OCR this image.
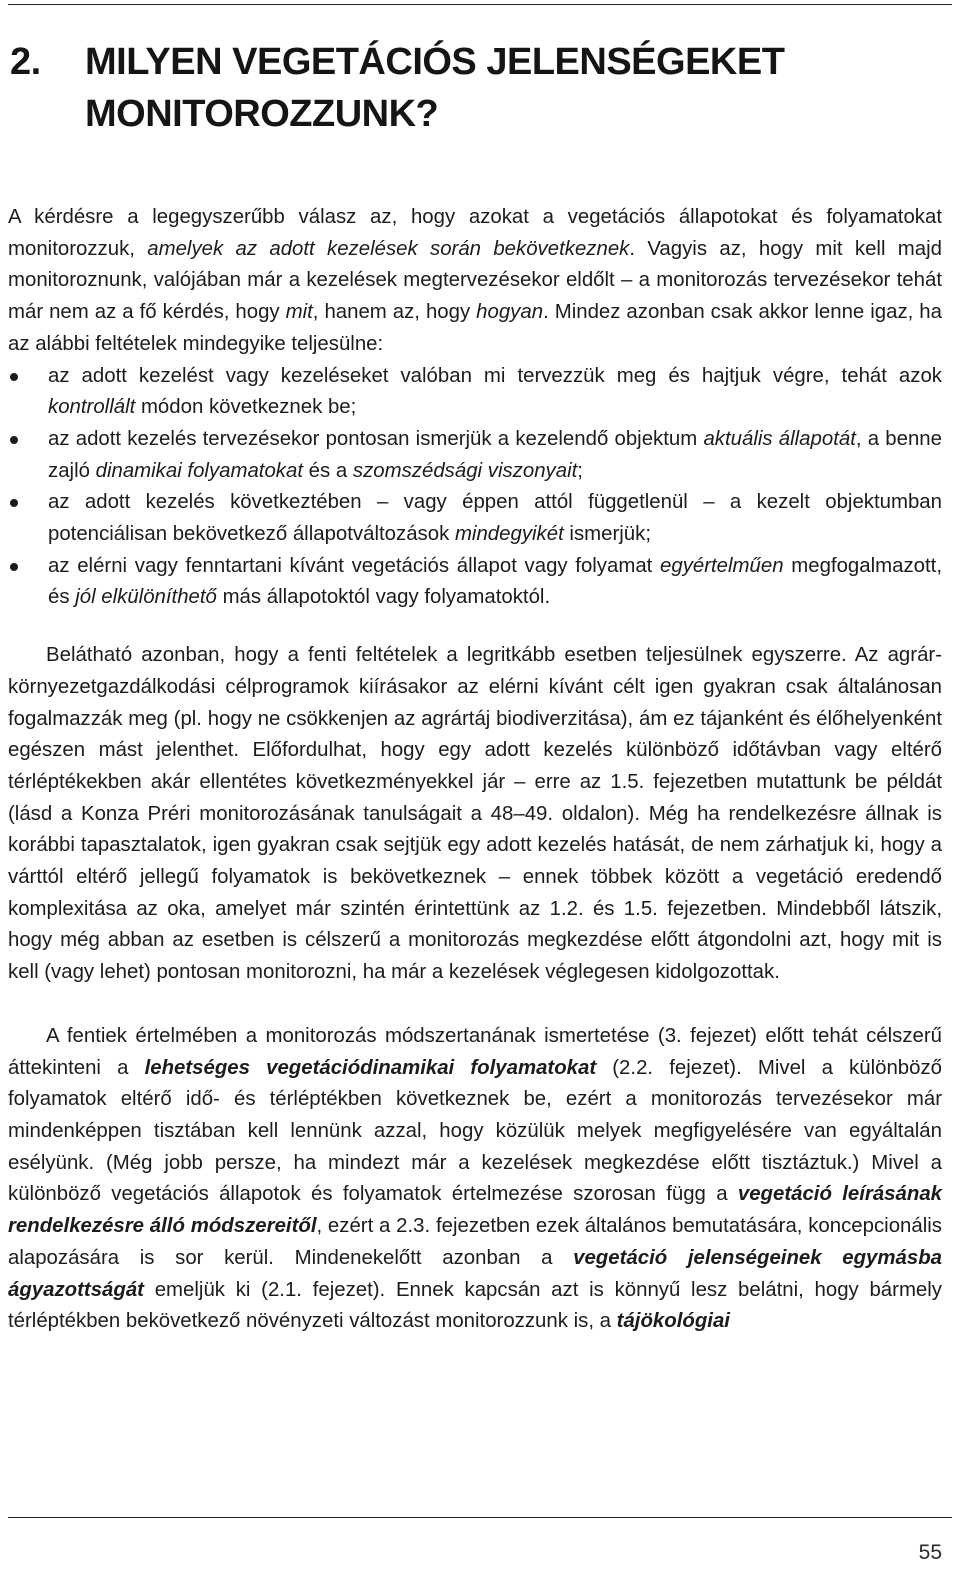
2. MILYEN VEGETÁCIÓS JELENSÉGEKET
MONITOROZZUNK?

A kérdésre a legegyszerűbb válasz az, hogy azokat a vegetációs állapotokat és folyamatokat monitorozzuk, amelyek az adott kezelések során bekövetkeznek. Vagyis az, hogy mit kell majd monitoroznunk, valójában már a kezelések megtervezésekor eldőlt – a monitorozás tervezésekor tehát már nem az a fő kérdés, hogy mit, hanem az, hogy hogyan. Mindez azonban csak akkor lenne igaz, ha az alábbi feltételek mindegyike teljesülne:

az adott kezelést vagy kezeléseket valóban mi tervezzük meg és hajtjuk végre, tehát azok kontrollált módon következnek be;
az adott kezelés tervezésekor pontosan ismerjük a kezelendő objektum aktuális állapotát, a benne zajló dinamikai folyamatokat és a szomszédsági viszonyait;
az adott kezelés következtében – vagy éppen attól függetlenül – a kezelt objektumban potenciálisan bekövetkező állapotváltozások mindegyikét ismerjük;
az elérni vagy fenntartani kívánt vegetációs állapot vagy folyamat egyértelműen megfogalmazott, és jól elkülöníthető más állapotoktól vagy folyamatoktól.

Belátható azonban, hogy a fenti feltételek a legritkább esetben teljesülnek egyszerre. Az agrár-környezetgazdálkodási célprogramok kiírásakor az elérni kívánt célt igen gyakran csak általánosan fogalmazzák meg (pl. hogy ne csökkenjen az agrártáj biodiverzitása), ám ez tájanként és élőhelyenként egészen mást jelenthet. Előfordulhat, hogy egy adott kezelés különböző időtávban vagy eltérő térléptékekben akár ellentétes következményekkel jár – erre az 1.5. fejezetben mutattunk be példát (lásd a Konza Préri monitorozásának tanulságait a 48–49. oldalon). Még ha rendelkezésre állnak is korábbi tapasztalatok, igen gyakran csak sejtjük egy adott kezelés hatását, de nem zárhatjuk ki, hogy a várttól eltérő jellegű folyamatok is bekövetkeznek – ennek többek között a vegetáció eredendő komplexitása az oka, amelyet már szintén érintettünk az 1.2. és 1.5. fejezetben. Mindebből látszik, hogy még abban az esetben is célszerű a monitorozás megkezdése előtt átgondolni azt, hogy mit is kell (vagy lehet) pontosan monitorozni, ha már a kezelések véglegesen kidolgozottak.

A fentiek értelmében a monitorozás módszertanának ismertetése (3. fejezet) előtt tehát célszerű áttekinteni a lehetséges vegetációdinamikai folyamatokat (2.2. fejezet). Mivel a különböző folyamatok eltérő idő- és térléptékben következnek be, ezért a monitorozás tervezésekor már mindenképpen tisztában kell lennünk azzal, hogy közülük melyek megfigyelésére van egyáltalán esélyünk. (Még jobb persze, ha mindezt már a kezelések megkezdése előtt tisztáztuk.) Mivel a különböző vegetációs állapotok és folyamatok értelmezése szorosan függ a vegetáció leírásának rendelkezésre álló módszereitől, ezért a 2.3. fejezetben ezek általános bemutatására, koncepcionális alapozására is sor kerül. Mindenekelőtt azonban a vegetáció jelenségeinek egymásba ágyazottságát emeljük ki (2.1. fejezet). Ennek kapcsán azt is könnyű lesz belátni, hogy bármely térléptékben bekövetkező növényzeti változást monitorozzunk is, a tájökológiai

55
